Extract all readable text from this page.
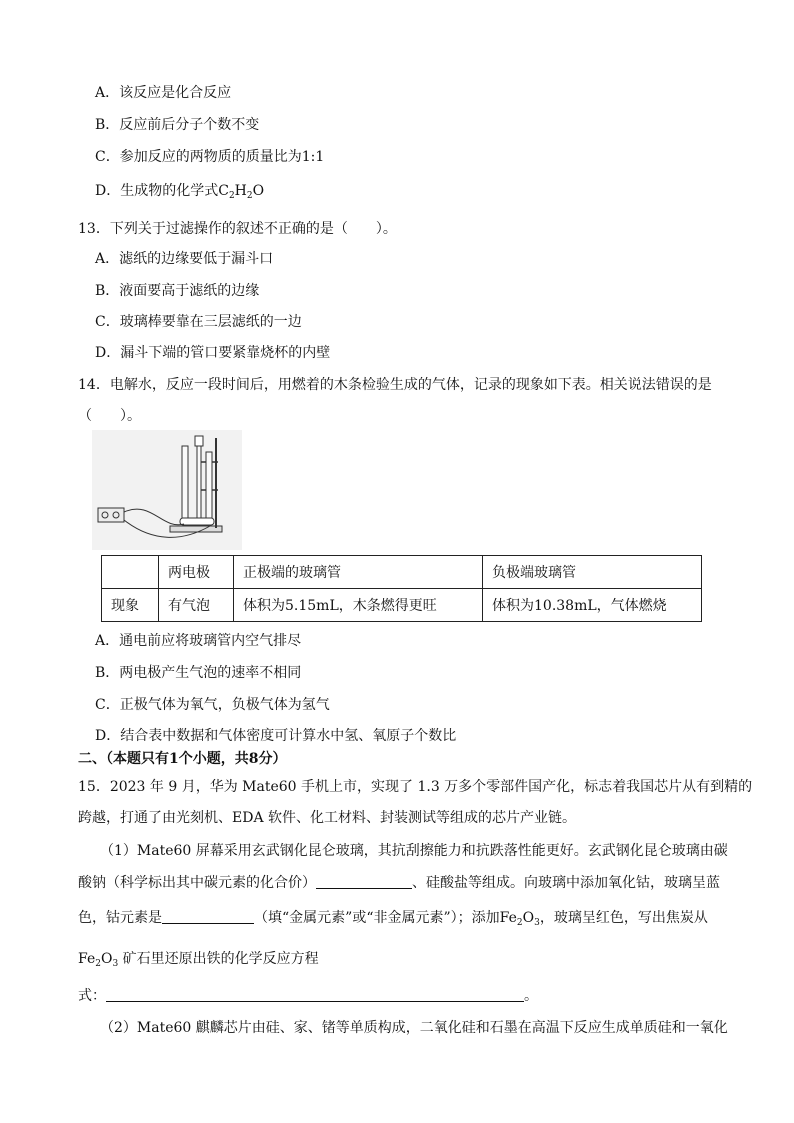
A．该反应是化合反应
B．反应前后分子个数不变
C．参加反应的两物质的质量比为1:1
D．生成物的化学式$C_2H_2O$
13．下列关于过滤操作的叙述不正确的是（　　）。
A．滤纸的边缘要低于漏斗口
B．液面要高于滤纸的边缘
C．玻璃棒要靠在三层滤纸的一边
D．漏斗下端的管口要紧靠烧杯的内壁
14．电解水，反应一段时间后，用燃着的木条检验生成的气体，记录的现象如下表。相关说法错误的是
（　　）。
	两电极	正极端的玻璃管	负极端玻璃管
现象	有气泡	体积为5.15mL，木条燃得更旺	体积为10.38mL，气体燃烧
A．通电前应将玻璃管内空气排尽
B．两电极产生气泡的速率不相同
C．正极气体为氧气，负极气体为氢气
D．结合表中数据和气体密度可计算水中氢、氧原子个数比
二、（本题只有1个小题，共8分）
15．2023 年 9 月，华为 Mate60 手机上市，实现了 1.3 万多个零部件国产化，标志着我国芯片从有到精的
跨越，打通了由光刻机、EDA 软件、化工材料、封装测试等组成的芯片产业链。
（1）Mate60 屏幕采用玄武钢化昆仑玻璃，其抗刮擦能力和抗跌落性能更好。玄武钢化昆仑玻璃由碳
酸钠（科学标出其中碳元素的化合价）	、硅酸盐等组成。向玻璃中添加氧化钴，玻璃呈蓝
色，钴元素是	（填“金属元素”或“非金属元素”）；添加$Fe_2O_3$，玻璃呈红色，写出焦炭从
$Fe_2O_3$ 矿石里还原出铁的化学反应方程
式：	。
（2）Mate60 麒麟芯片由硅、家、锗等单质构成，二氧化硅和石墨在高温下反应生成单质硅和一氧化
